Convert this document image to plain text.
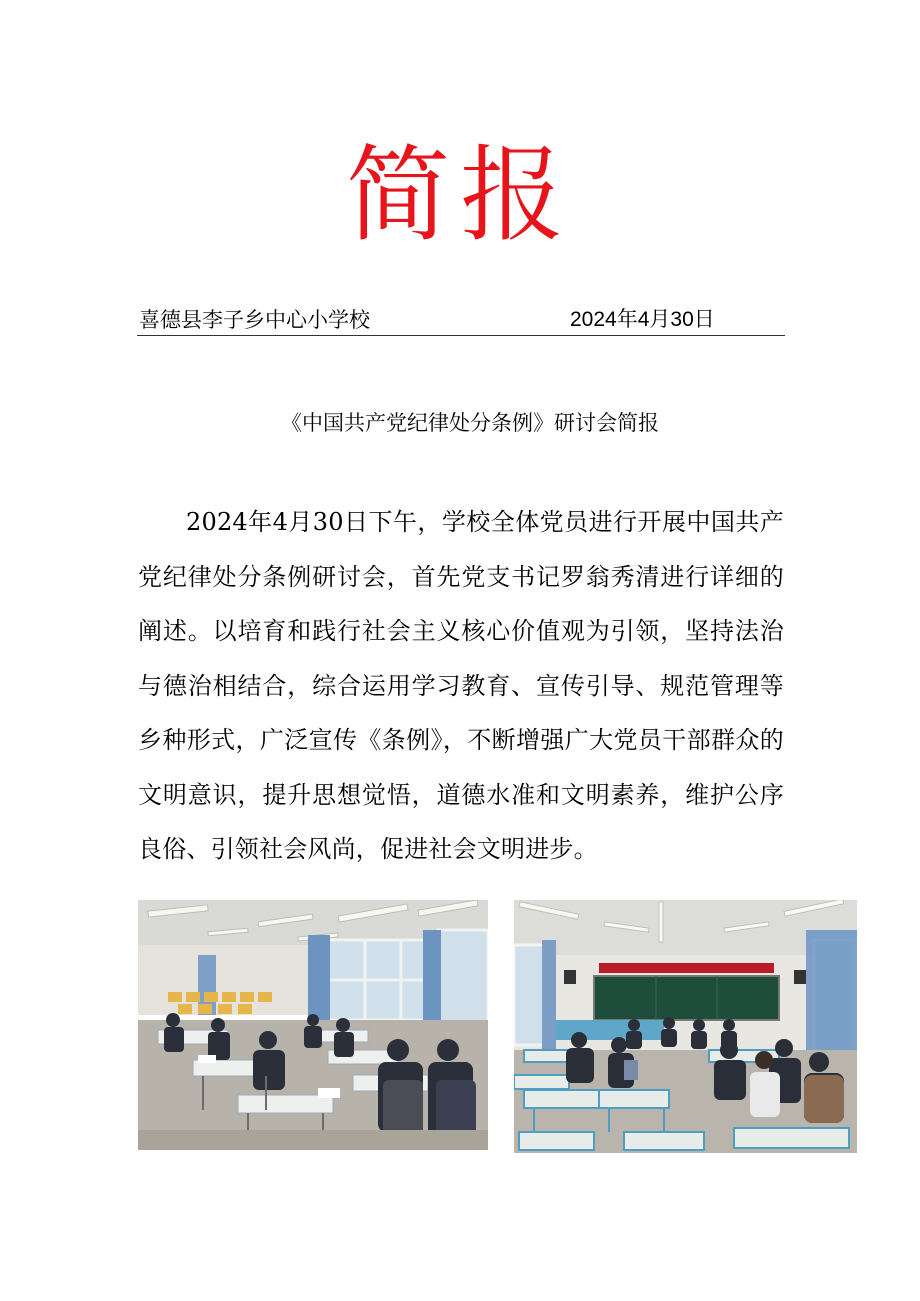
简报
喜德县李子乡中心小学校	2024年4月30日
《中国共产党纪律处分条例》研讨会简报
2024年4月30日下午，学校全体党员进行开展中国共产党纪律处分条例研讨会，首先党支书记罗翁秀清进行详细的阐述。以培育和践行社会主义核心价值观为引领，坚持法治与德治相结合，综合运用学习教育、宣传引导、规范管理等乡种形式，广泛宣传《条例》，不断增强广大党员干部群众的文明意识，提升思想觉悟，道德水准和文明素养，维护公序良俗、引领社会风尚，促进社会文明进步。
